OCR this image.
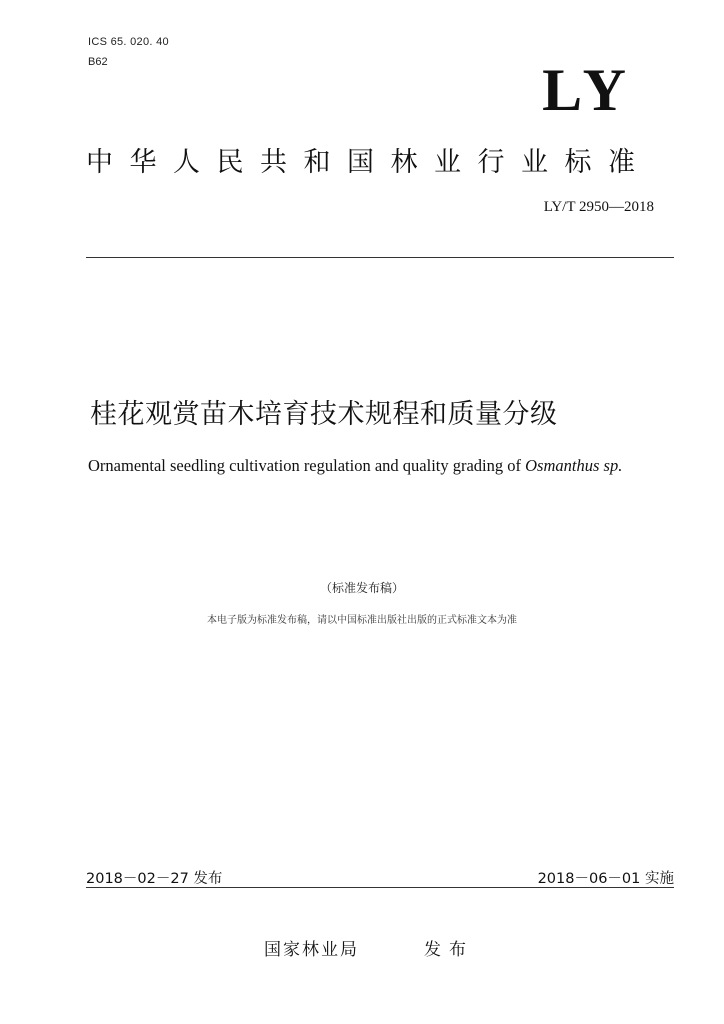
ICS 65. 020. 40
B62	LY
中华人民共和国林业行业标准
LY/T 2950—2018
桂花观赏苗木培育技术规程和质量分级
Ornamental seedling cultivation regulation and quality grading of Osmanthus sp.
（标准发布稿）
本电子版为标准发布稿，请以中国标准出版社出版的正式标准文本为准
2018－02－27 发布	2018－06－01 实施
国家林业局	发布
